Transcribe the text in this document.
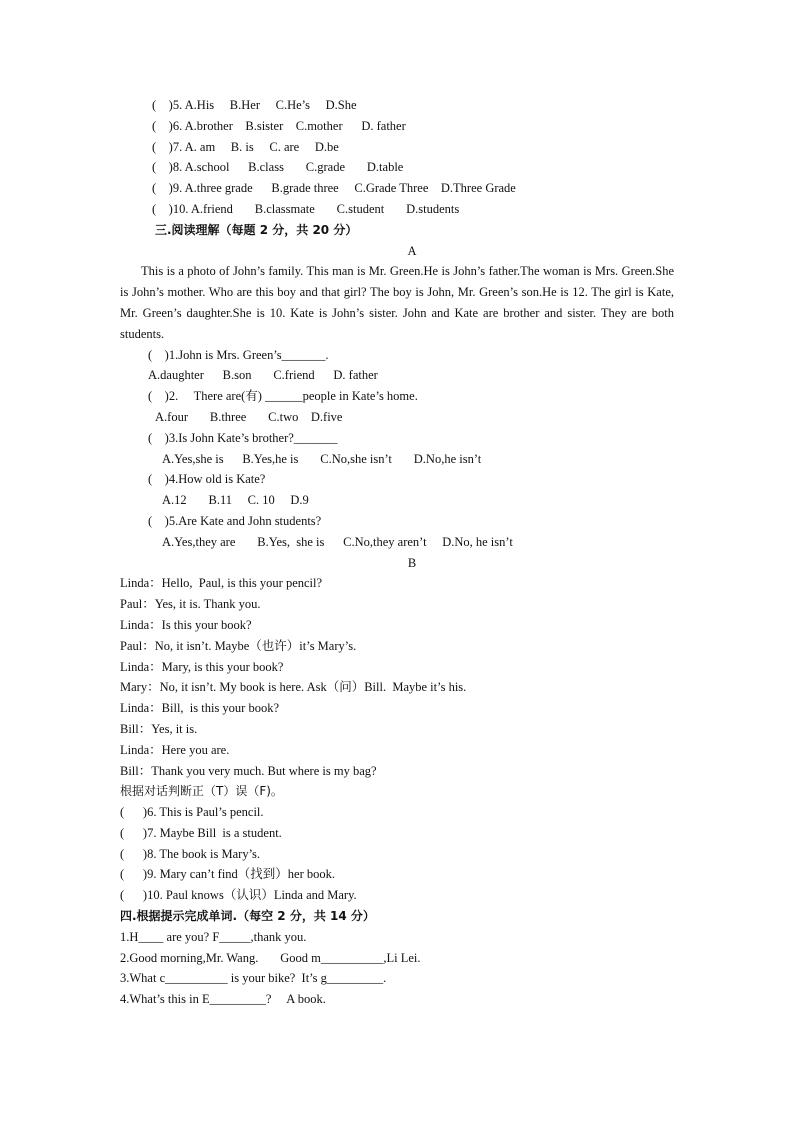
(    )5. A.His     B.Her     C.He’s     D.She
(    )6. A.brother    B.sister    C.mother      D. father
(    )7. A. am     B. is     C. are     D.be
(    )8. A.school      B.class       C.grade       D.table
(    )9. A.three grade      B.grade three     C.Grade Three    D.Three Grade
(    )10. A.friend       B.classmate       C.student       D.students
三.阅读理解（每题 2 分，共 20 分）
A
This is a photo of John’s family. This man is Mr. Green.He is John’s father.The woman is Mrs. Green.She is John’s mother. Who are this boy and that girl? The boy is John, Mr. Green’s son.He is 12. The girl is Kate, Mr. Green’s daughter.She is 10. Kate is John’s sister. John and Kate are brother and sister. They are both students.
(    )1.John is Mrs. Green’s_______.
A.daughter      B.son       C.friend      D. father
(    )2.     There are(有) ______people in Kate’s home.
A.four       B.three       C.two    D.five
(    )3.Is John Kate’s brother?_______
A.Yes,she is      B.Yes,he is       C.No,she isn’t       D.No,he isn’t
(    )4.How old is Kate?
A.12       B.11     C. 10     D.9
(    )5.Are Kate and John students?
A.Yes,they are       B.Yes,  she is      C.No,they aren’t     D.No, he isn’t
B
Linda：Hello,  Paul, is this your pencil?
Paul：Yes, it is. Thank you.
Linda：Is this your book?
Paul：No, it isn’t. Maybe（也许）it’s Mary’s.
Linda：Mary, is this your book?
Mary：No, it isn’t. My book is here. Ask（问）Bill.  Maybe it’s his.
Linda：Bill,  is this your book?
Bill：Yes, it is.
Linda：Here you are.
Bill：Thank you very much. But where is my bag?
根据对话判断正（T）误（F)。
(      )6. This is Paul’s pencil.
(      )7. Maybe Bill  is a student.
(      )8. The book is Mary’s.
(      )9. Mary can’t find（找到）her book.
(      )10. Paul knows（认识）Linda and Mary.
四.根据提示完成单词.（每空 2 分，共 14 分）
1.H____ are you? F_____,thank you.
2.Good morning,Mr. Wang.       Good m__________,Li Lei.
3.What c__________ is your bike?  It’s g_________.
4.What’s this in E_________?     A book.
